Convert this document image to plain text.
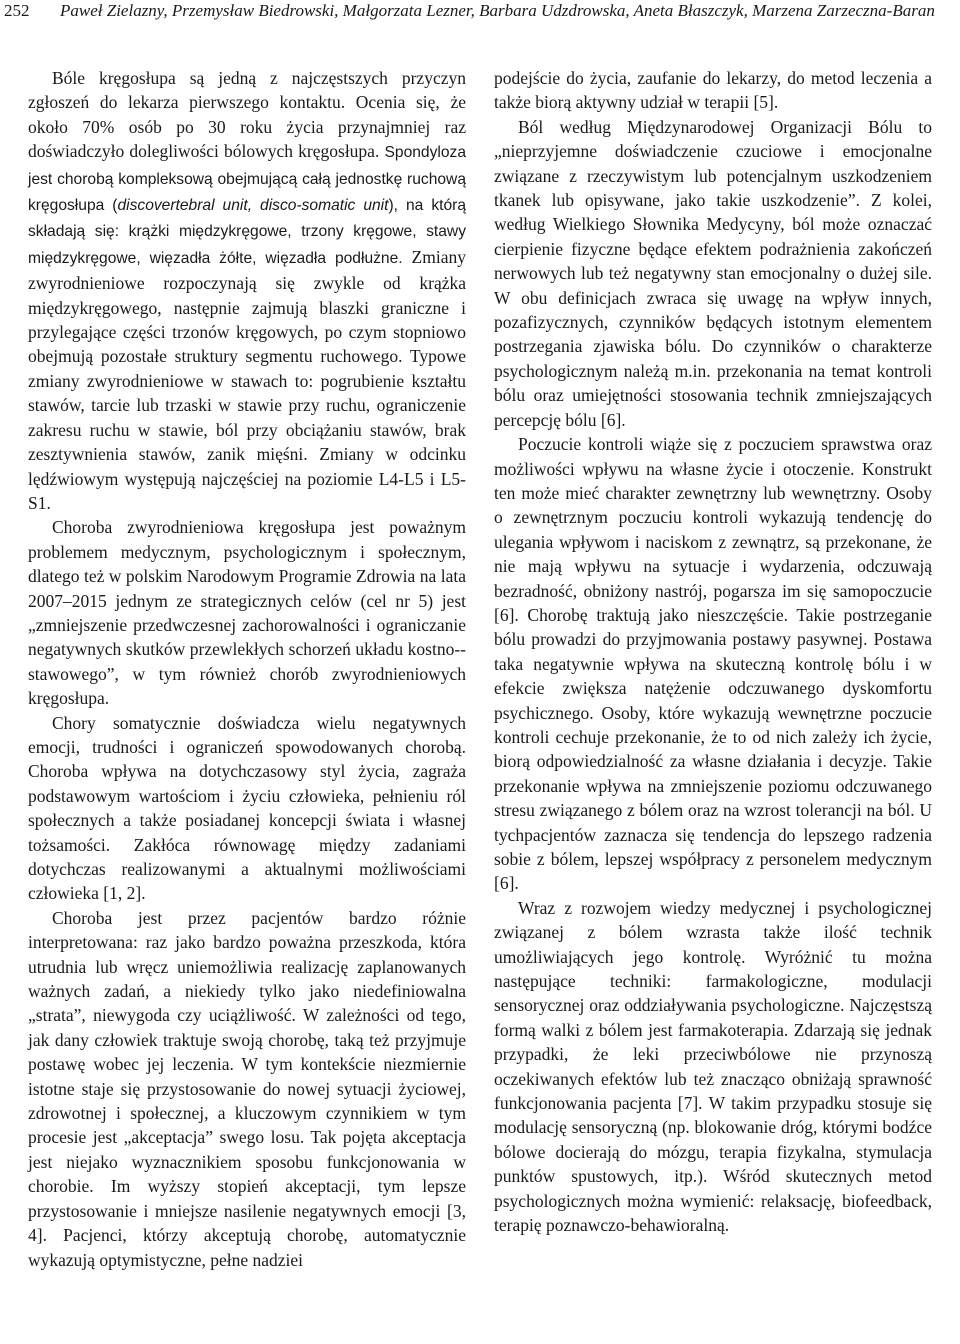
252 Paweł Zielazny, Przemysław Biedrowski, Małgorzata Lezner, Barbara Udzdrowska, Aneta Błaszczyk, Marzena Zarzeczna-Baran

Bóle kręgosłupa są jedną z najczęstszych przyczyn zgłoszeń do lekarza pierwszego kontaktu. Ocenia się, że około 70% osób po 30 roku życia przynajmniej raz doświadczyło dolegliwości bólowych kręgosłupa. Spondyloza jest chorobą kompleksową obejmującą całą jednostkę ruchową kręgosłupa (discovertebral unit, disco-somatic unit), na którą składają się: krążki międzykręgowe, trzony kręgowe, stawy międzykręgowe, więzadła żółte, więzadła podłużne. Zmiany zwyrodnieniowe rozpoczynają się zwykle od krążka międzykręgowego, następnie zajmują blaszki graniczne i przylegające części trzonów kręgowych, po czym stopniowo obejmują pozostałe struktury segmentu ruchowego. Typowe zmiany zwyrodnieniowe w stawach to: pogrubienie kształtu stawów, tarcie lub trzaski w stawie przy ruchu, ograniczenie zakresu ruchu w stawie, ból przy obciążaniu stawów, brak zesztywnienia stawów, zanik mięśni. Zmiany w odcinku lędźwiowym występują najczęściej na poziomie L4-L5 i L5-S1.

Choroba zwyrodnieniowa kręgosłupa jest poważnym problemem medycznym, psychologicznym i społecznym, dlatego też w polskim Narodowym Programie Zdrowia na lata 2007–2015 jednym ze strategicznych celów (cel nr 5) jest „zmniejszenie przedwczesnej zachorowalności i ograniczanie negatywnych skutków przewlekłych schorzeń układu kostno--stawowego”, w tym również chorób zwyrodnieniowych kręgosłupa.

Chory somatycznie doświadcza wielu negatywnych emocji, trudności i ograniczeń spowodowanych chorobą. Choroba wpływa na dotychczasowy styl życia, zagraża podstawowym wartościom i życiu człowieka, pełnieniu ról społecznych a także posiadanej koncepcji świata i własnej tożsamości. Zakłóca równowagę między zadaniami dotychczas realizowanymi a aktualnymi możliwościami człowieka [1, 2].

Choroba jest przez pacjentów bardzo różnie interpretowana: raz jako bardzo poważna przeszkoda, która utrudnia lub wręcz uniemożliwia realizację zaplanowanych ważnych zadań, a niekiedy tylko jako niedefiniowalna „strata”, niewygoda czy uciążliwość. W zależności od tego, jak dany człowiek traktuje swoją chorobę, taką też przyjmuje postawę wobec jej leczenia. W tym kontekście niezmiernie istotne staje się przystosowanie do nowej sytuacji życiowej, zdrowotnej i społecznej, a kluczowym czynnikiem w tym procesie jest „akceptacja” swego losu. Tak pojęta akceptacja jest niejako wyznacznikiem sposobu funkcjonowania w chorobie. Im wyższy stopień akceptacji, tym lepsze przystosowanie i mniejsze nasilenie negatywnych emocji [3, 4]. Pacjenci, którzy akceptują chorobę, automatycznie wykazują optymistyczne, pełne nadziei

podejście do życia, zaufanie do lekarzy, do metod leczenia a także biorą aktywny udział w terapii [5].

Ból według Międzynarodowej Organizacji Bólu to „nieprzyjemne doświadczenie czuciowe i emocjonalne związane z rzeczywistym lub potencjalnym uszkodzeniem tkanek lub opisywane, jako takie uszkodzenie”. Z kolei, według Wielkiego Słownika Medycyny, ból może oznaczać cierpienie fizyczne będące efektem podrażnienia zakończeń nerwowych lub też negatywny stan emocjonalny o dużej sile. W obu definicjach zwraca się uwagę na wpływ innych, pozafizycznych, czynników będących istotnym elementem postrzegania zjawiska bólu. Do czynników o charakterze psychologicznym należą m.in. przekonania na temat kontroli bólu oraz umiejętności stosowania technik zmniejszających percepcję bólu [6].

Poczucie kontroli wiąże się z poczuciem sprawstwa oraz możliwości wpływu na własne życie i otoczenie. Konstrukt ten może mieć charakter zewnętrzny lub wewnętrzny. Osoby o zewnętrznym poczuciu kontroli wykazują tendencję do ulegania wpływom i naciskom z zewnątrz, są przekonane, że nie mają wpływu na sytuacje i wydarzenia, odczuwają bezradność, obniżony nastrój, pogarsza im się samopoczucie [6]. Chorobę traktują jako nieszczęście. Takie postrzeganie bólu prowadzi do przyjmowania postawy pasywnej. Postawa taka negatywnie wpływa na skuteczną kontrolę bólu i w efekcie zwiększa natężenie odczuwanego dyskomfortu psychicznego. Osoby, które wykazują wewnętrzne poczucie kontroli cechuje przekonanie, że to od nich zależy ich życie, biorą odpowiedzialność za własne działania i decyzje. Takie przekonanie wpływa na zmniejszenie poziomu odczuwanego stresu związanego z bólem oraz na wzrost tolerancji na ból. U tychpacjentów zaznacza się tendencja do lepszego radzenia sobie z bólem, lepszej współpracy z personelem medycznym [6].

Wraz z rozwojem wiedzy medycznej i psychologicznej związanej z bólem wzrasta także ilość technik umożliwiających jego kontrolę. Wyróżnić tu można następujące techniki: farmakologiczne, modulacji sensorycznej oraz oddziaływania psychologiczne. Najczęstszą formą walki z bólem jest farmakoterapia. Zdarzają się jednak przypadki, że leki przeciwbólowe nie przynoszą oczekiwanych efektów lub też znacząco obniżają sprawność funkcjonowania pacjenta [7]. W takim przypadku stosuje się modulację sensoryczną (np. blokowanie dróg, którymi bodźce bólowe docierają do mózgu, terapia fizykalna, stymulacja punktów spustowych, itp.). Wśród skutecznych metod psychologicznych można wymienić: relaksację, biofeedback, terapię poznawczo-behawioralną.
